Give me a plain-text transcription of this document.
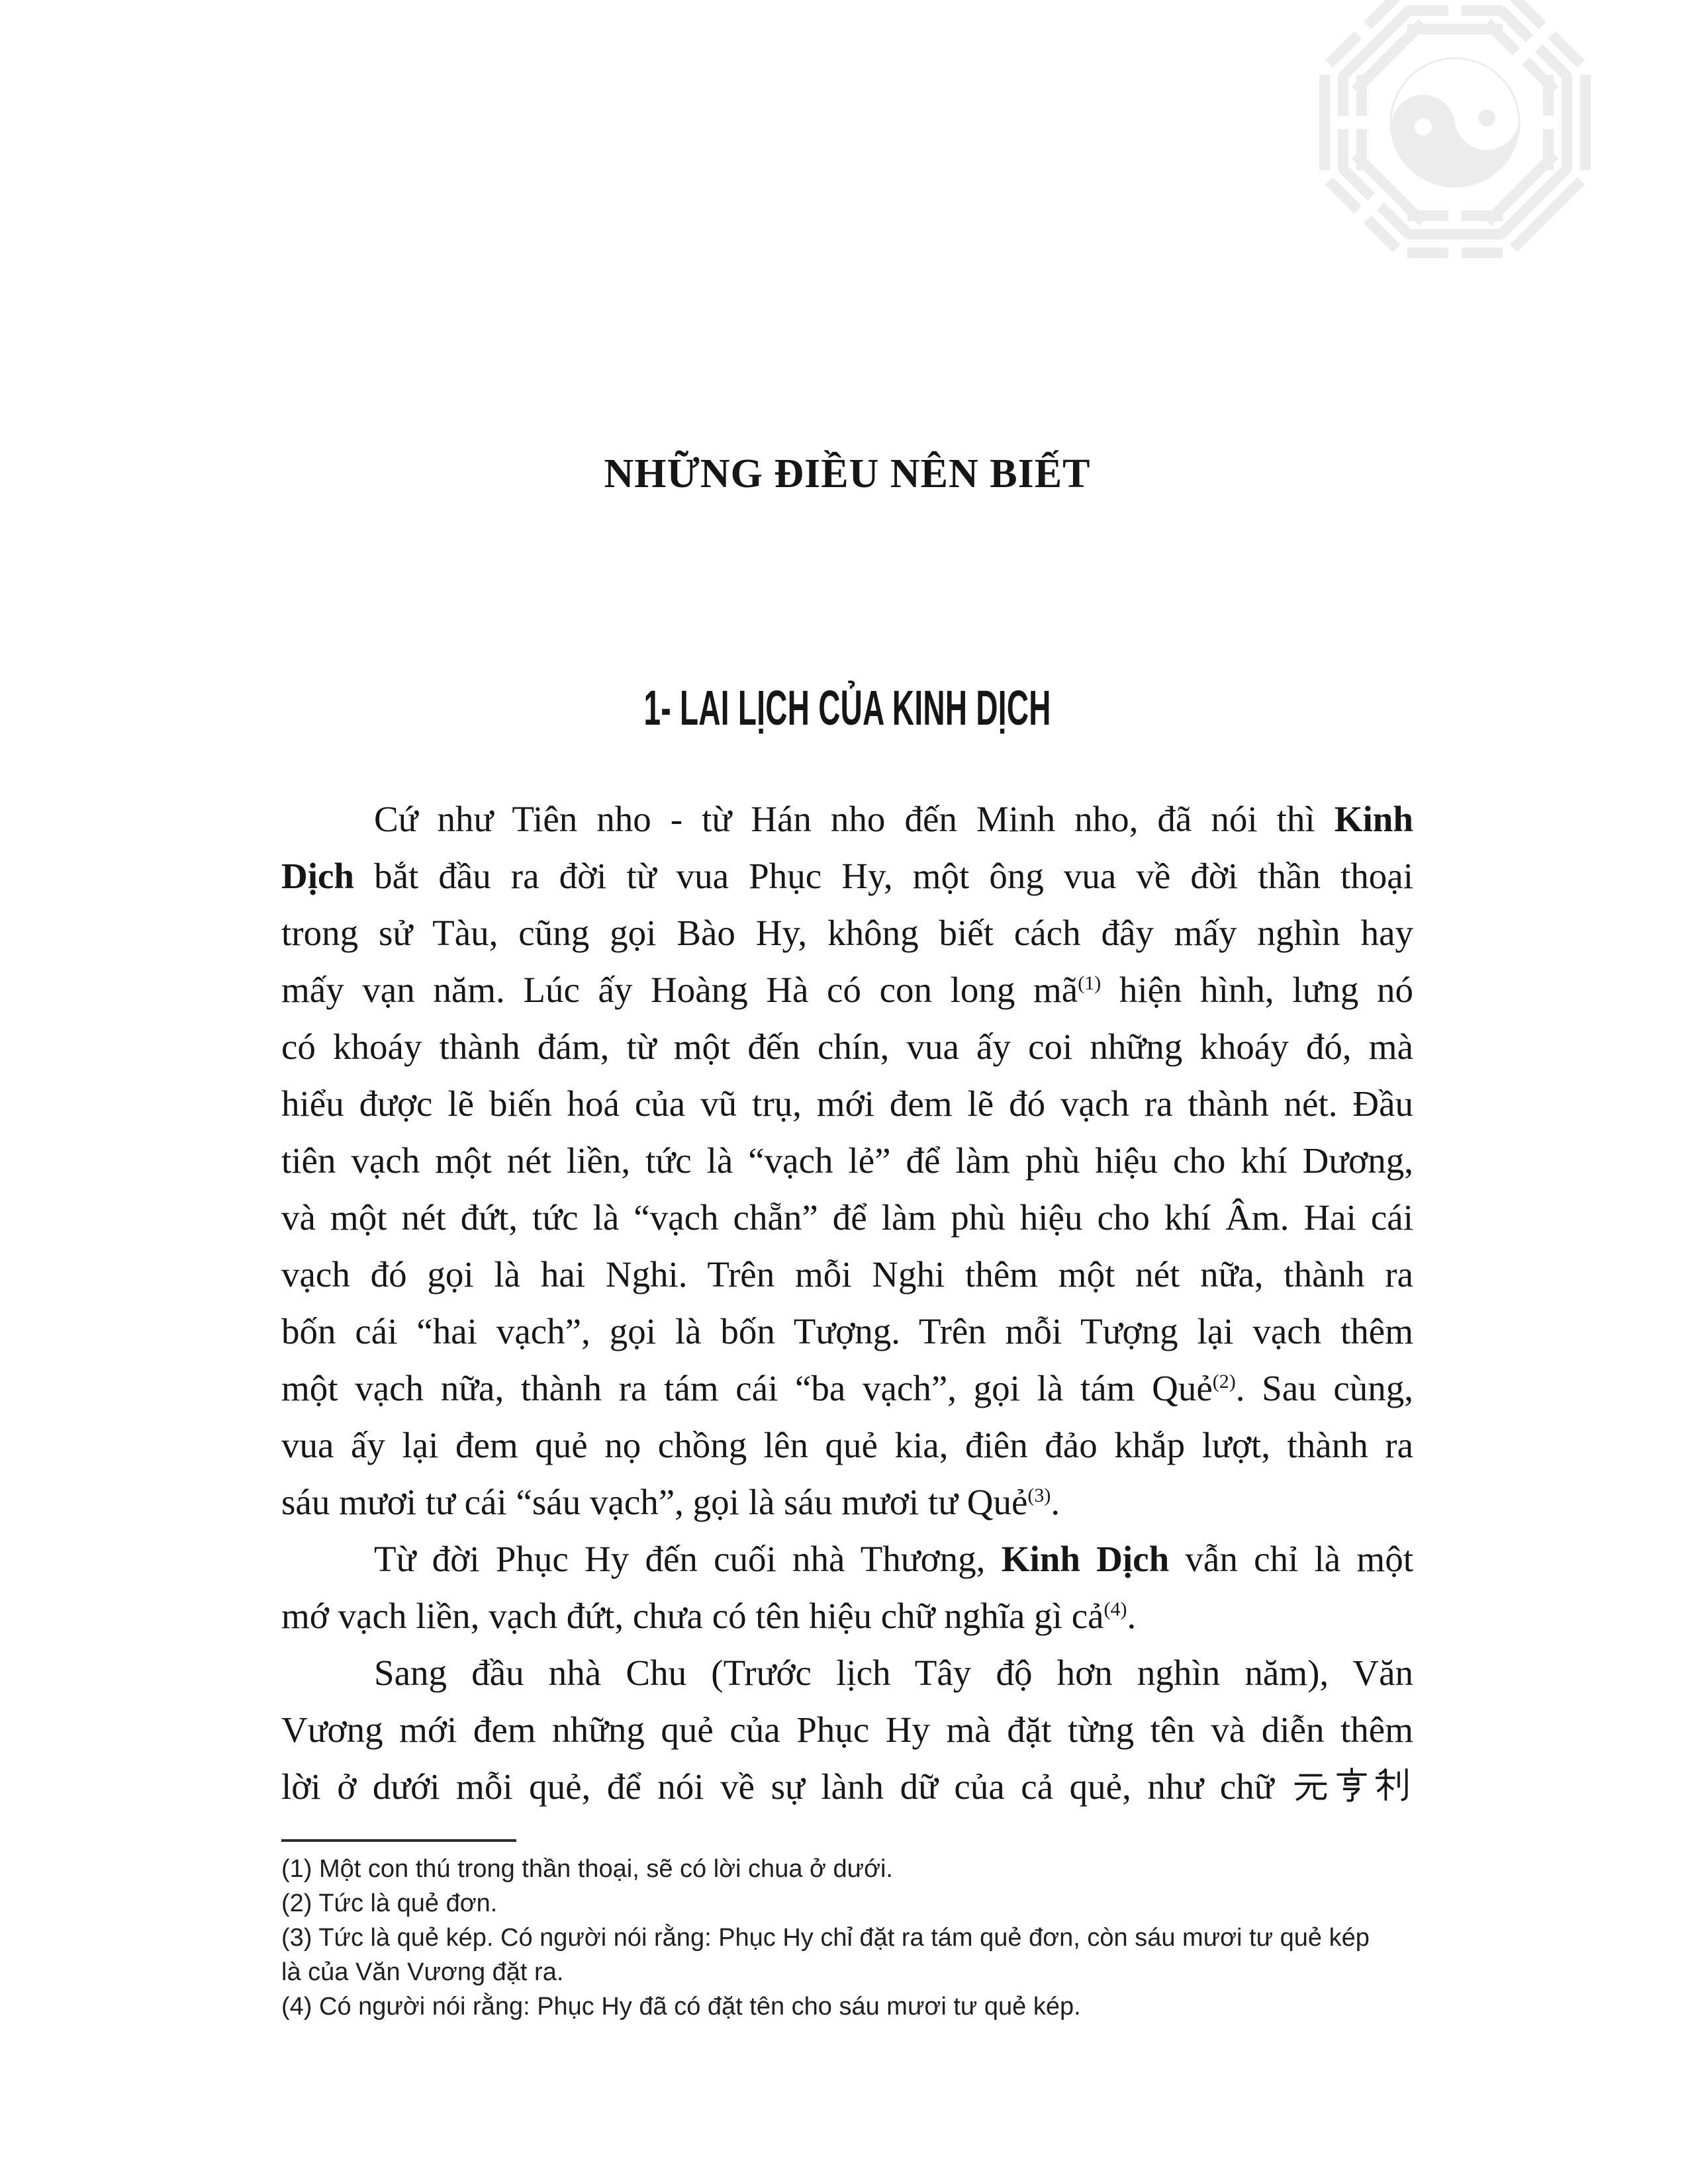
NHỮNG ĐIỀU NÊN BIẾT
1- LAI LỊCH CỦA KINH DỊCH
Cứ như Tiên nho - từ Hán nho đến Minh nho, đã nói thì Kinh
Dịch bắt đầu ra đời từ vua Phục Hy, một ông vua về đời thần thoại
trong sử Tàu, cũng gọi Bào Hy, không biết cách đây mấy nghìn hay
mấy vạn năm. Lúc ấy Hoàng Hà có con long $mã^{(1)}$ hiện hình, lưng nó
có khoáy thành đám, từ một đến chín, vua ấy coi những khoáy đó, mà
hiểu được lẽ biến hoá của vũ trụ, mới đem lẽ đó vạch ra thành nét. Đầu
tiên vạch một nét liền, tức là “vạch lẻ” để làm phù hiệu cho khí Dương,
và một nét đứt, tức là “vạch chẵn” để làm phù hiệu cho khí Âm. Hai cái
vạch đó gọi là hai Nghi. Trên mỗi Nghi thêm một nét nữa, thành ra
bốn cái “hai vạch”, gọi là bốn Tượng. Trên mỗi Tượng lại vạch thêm
một vạch nữa, thành ra tám cái “ba vạch”, gọi là tám Quẻ$^{(2)}$. Sau cùng,
vua ấy lại đem quẻ nọ chồng lên quẻ kia, điên đảo khắp lượt, thành ra
sáu mươi tư cái “sáu vạch”, gọi là sáu mươi tư Quẻ$^{(3)}$.
Từ đời Phục Hy đến cuối nhà Thương, Kinh Dịch vẫn chỉ là một
mớ vạch liền, vạch đứt, chưa có tên hiệu chữ nghĩa gì cả$^{(4)}$.
Sang đầu nhà Chu (Trước lịch Tây độ hơn nghìn năm), Văn
Vương mới đem những quẻ của Phục Hy mà đặt từng tên và diễn thêm
lời ở dưới mỗi quẻ, để nói về sự lành dữ của cả quẻ, như chữ
(1) Một con thú trong thần thoại, sẽ có lời chua ở dưới.
(2) Tức là quẻ đơn.
(3) Tức là quẻ kép. Có người nói rằng: Phục Hy chỉ đặt ra tám quẻ đơn, còn sáu mươi tư quẻ kép
là của Văn Vương đặt ra.
(4) Có người nói rằng: Phục Hy đã có đặt tên cho sáu mươi tư quẻ kép.
